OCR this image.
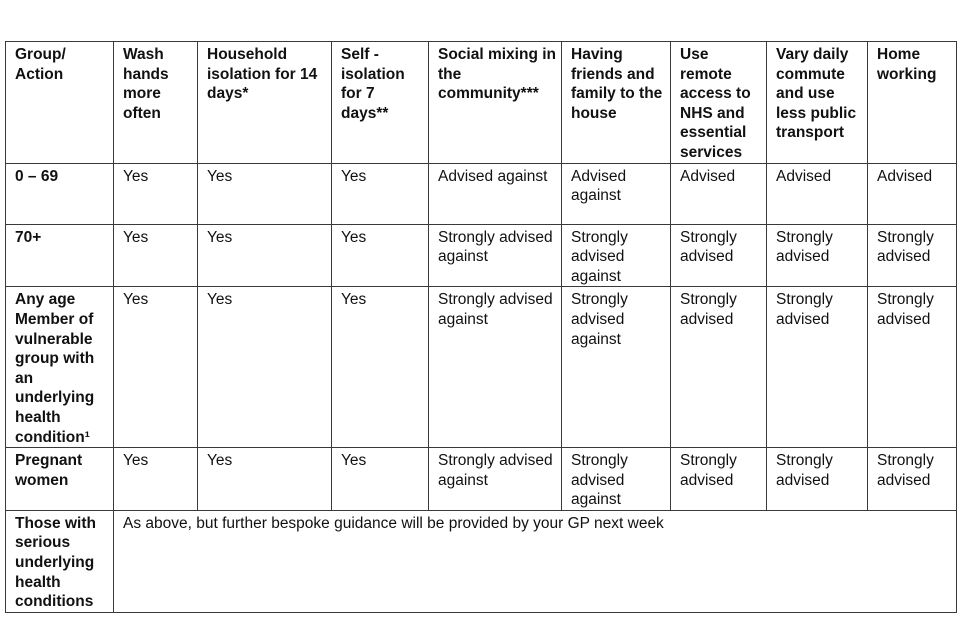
Group/ Action	Wash hands more often	Household isolation for 14 days*	Self - isolation for 7 days**	Social mixing in the community***	Having friends and family to the house	Use remote access to NHS and essential services	Vary daily commute and use less public transport	Home working
0 – 69	Yes	Yes	Yes	Advised against	Advised against	Advised	Advised	Advised
70+	Yes	Yes	Yes	Strongly advised against	Strongly advised against	Strongly advised	Strongly advised	Strongly advised
Any age Member of vulnerable group with an underlying health condition¹	Yes	Yes	Yes	Strongly advised against	Strongly advised against	Strongly advised	Strongly advised	Strongly advised
Pregnant women	Yes	Yes	Yes	Strongly advised against	Strongly advised against	Strongly advised	Strongly advised	Strongly advised
Those with serious underlying health conditions	As above, but further bespoke guidance will be provided by your GP next week							
